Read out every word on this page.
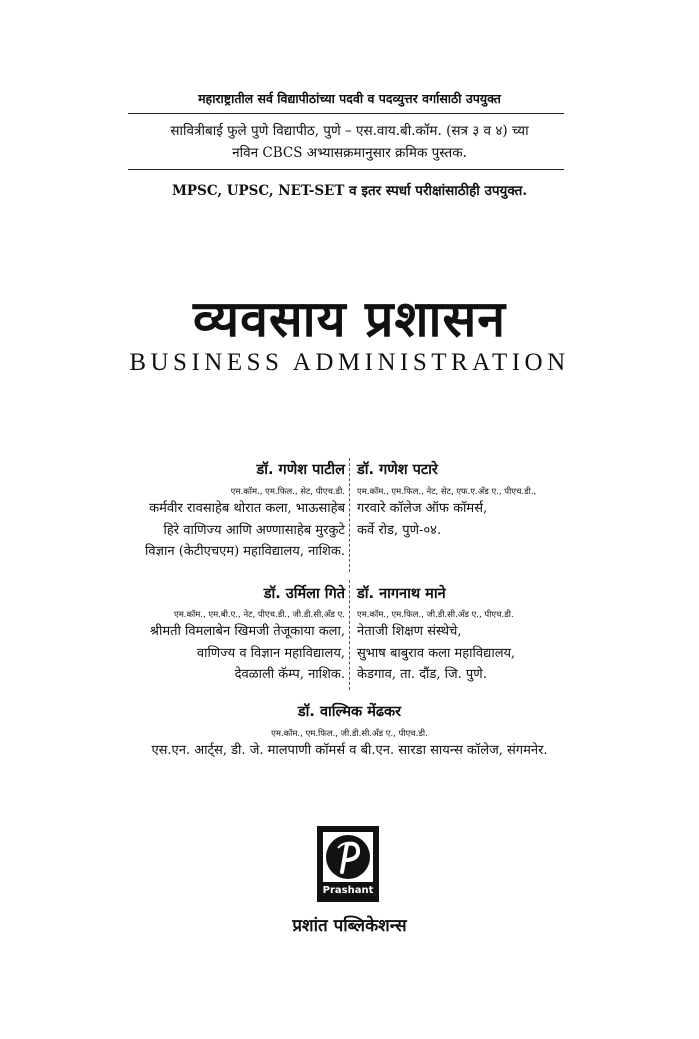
महाराष्ट्रातील सर्व विद्यापीठांच्या पदवी व पदव्युत्तर वर्गासाठी उपयुक्त
सावित्रीबाई फुले पुणे विद्यापीठ, पुणे – एस.वाय.बी.कॉम. (सत्र ३ व ४) च्या
नविन CBCS अभ्यासक्रमानुसार क्रमिक पुस्तक.
MPSC, UPSC, NET-SET व इतर स्पर्धा परीक्षांसाठीही उपयुक्त.
व्यवसाय प्रशासन
BUSINESS ADMINISTRATION
डॉ. गणेश पाटील
एम.कॉम., एम.फिल., सेट, पीएच.डी.
कर्मवीर रावसाहेब थोरात कला, भाऊसाहेब
हिरे वाणिज्य आणि अण्णासाहेब मुरकुटे
विज्ञान (केटीएचएम) महाविद्यालय, नाशिक.
डॉ. गणेश पटारे
एम.कॉम., एम.फिल., नेट, सेट, एफ.ए.अँड ए., पीएच.डी.,
गरवारे कॉलेज ऑफ कॉमर्स,
कर्वे रोड, पुणे-०४.
डॉ. उर्मिला गिते
एम.कॉम., एम.बी.ए., नेट, पीएच.डी., जी.डी.सी.अँड ए.
श्रीमती विमलाबेन खिमजी तेजूकाया कला,
वाणिज्य व विज्ञान महाविद्यालय,
देवळाली कॅम्प, नाशिक.
डॉ. नागनाथ माने
एम.कॉम., एम.फिल., जी.डी.सी.अँड ए., पीएच.डी.
नेताजी शिक्षण संस्थेचे,
सुभाष बाबुराव कला महाविद्यालय,
केडगाव, ता. दौंड, जि. पुणे.
डॉ. वाल्मिक मेंढकर
एम.कॉम., एम.फिल., जी.डी.सी.अँड ए., पीएच.डी.
एस.एन. आर्ट्स, डी. जे. मालपाणी कॉमर्स व बी.एन. सारडा सायन्स कॉलेज, संगमनेर.
Prashant
प्रशांत पब्लिकेशन्स
